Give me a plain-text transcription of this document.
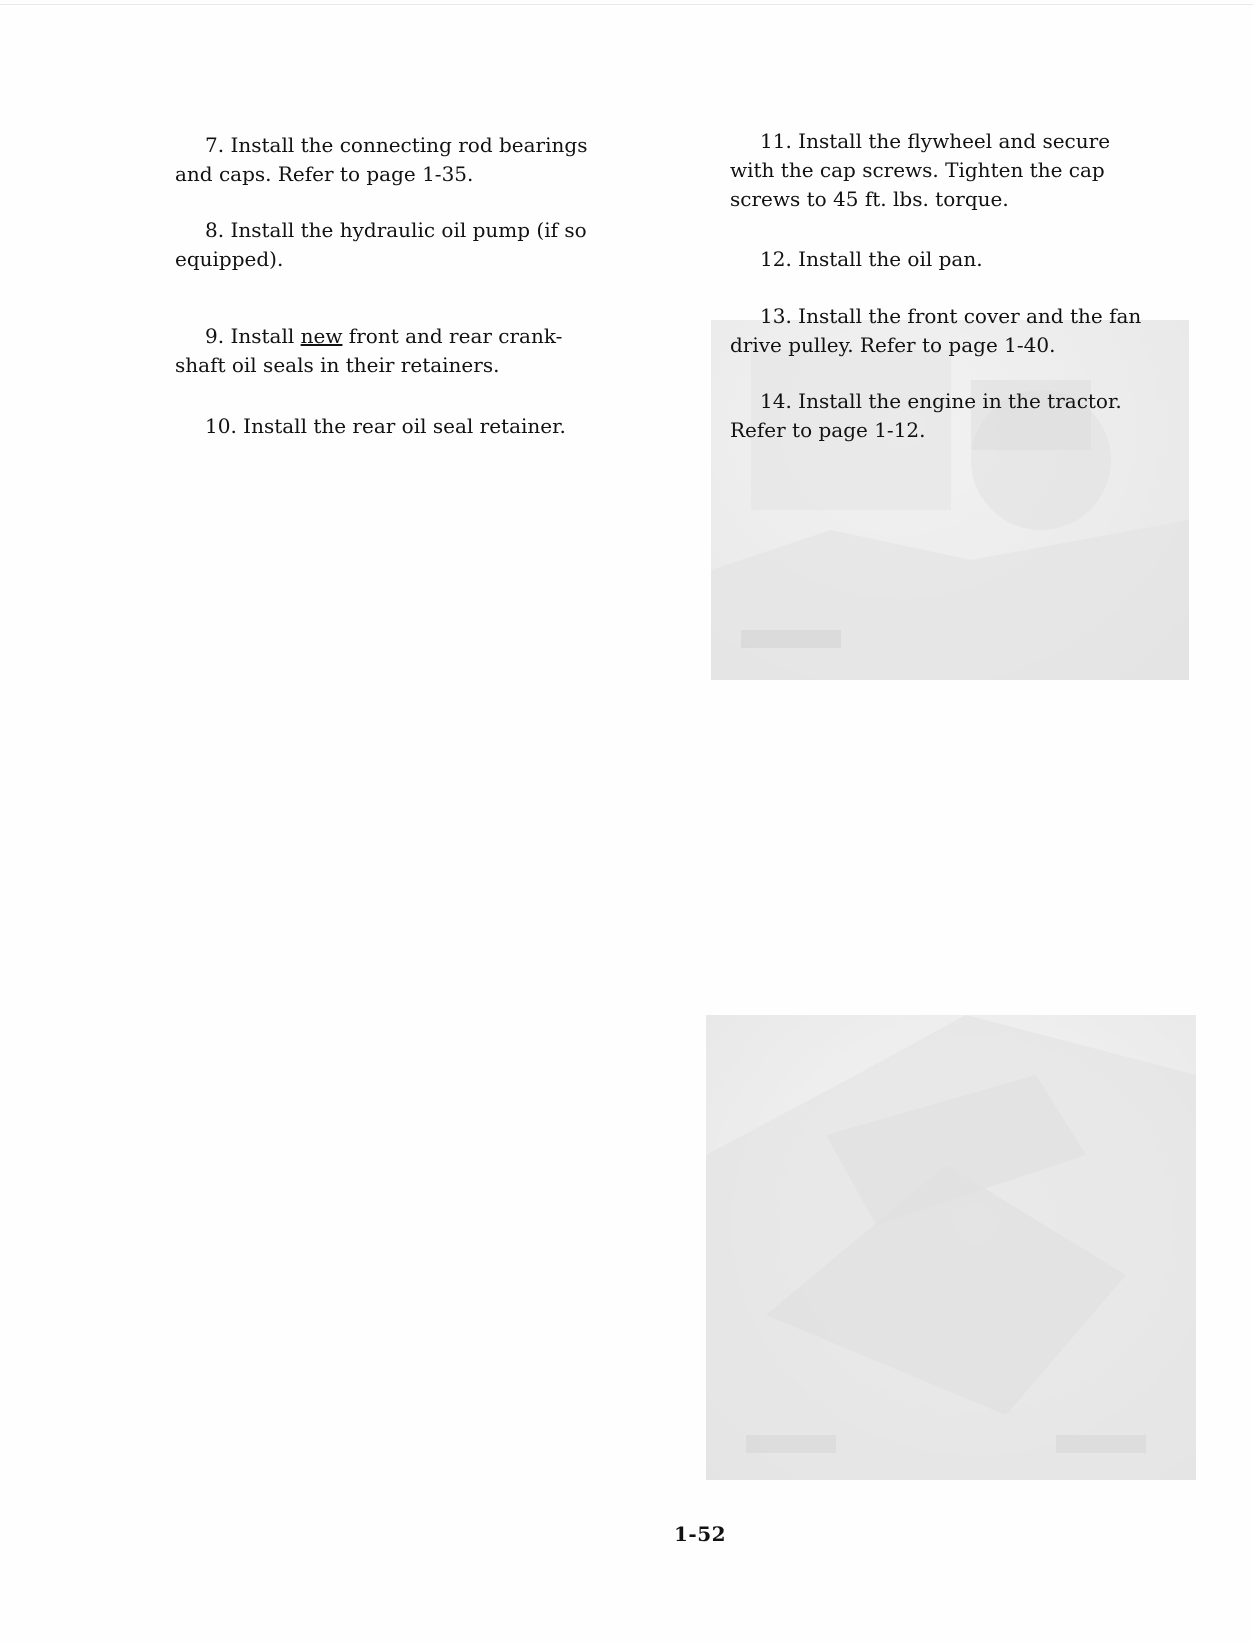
7. Install the connecting rod bearings

and caps. Refer to page 1-35.

8. Install the hydraulic oil pump (if so

equipped).

9. Install new front and rear crank-

shaft oil seals in their retainers.

10. Install the rear oil seal retainer.

11. Install the flywheel and secure

with the cap screws. Tighten the cap

screws to 45 ft. lbs. torque.

12. Install the oil pan.

13. Install the front cover and the fan

drive pulley. Refer to page 1-40.

14. Install the engine in the tractor.

Refer to page 1-12.

1-52
